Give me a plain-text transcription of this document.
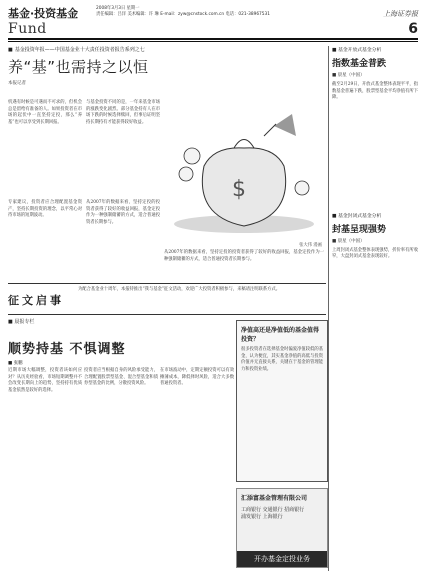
基金·投资基金
Fund
2008年3月3日 星期一
责任编辑：吕洋 美术编辑：许 琳 E-mail：zyw@cnstock.com.cn 电话：021-38967531	上海证券报
6
■ 基金投资年报——中国基金业十大责任投资者报告系列之七
养“基”也需持之以恒
本报记者
机遇有时候是可遇而不可求的，但机会总是留给有准备的人。如果投资者在市场的起伏中一直坚持定投，那么“养基”也可以享受到长期回报。
与基金投资不同的是，一年来基金市场的涨跌变化剧烈。部分基金持有人在市场下跌的时候选择赎回，但事后证明坚持长期持有才能获得较好收益。
专家建议，投资者应合理配置基金资产，坚持长期投资的理念，以平常心对待市场的短期波动。
从2007年的数据来看，坚持定投的投资者获得了较好的收益回报，基金定投作为一种强制储蓄的方式，适合普通投资者长期参与。
$
张大伟 漫画
从2007年的数据来看，坚持定投的投资者获得了较好的收益回报，基金定投作为一种强制储蓄的方式，适合普通投资者长期参与。
■ 基金开放式基金分析
指数基金普跌
■ 晨星（中国）
截至2月29日，开放式基金整体表现平平，指数基金普遍下跌，股票型基金平均净值有所下降。
■ 基金封闭式基金分析
封基呈现强势
■ 晨星（中国）
上周封闭式基金整体表现强势，折价率有所收窄，大盘封闭式基金表现较好。
征文启事
为配合基金业十周年，本报特推出“我与基金”征文活动，欢迎广大投资者积极参与，来稿请注明联系方式。
■ 晨报专栏
顺势持基 不惧调整
■ 张鹏
近期市场大幅调整，投资者该如何应对？从历史经验看，市场短期调整并不会改变长期向上的趋势，坚持持有优质基金依然是较好的选择。
投资者应当根据自身的风险承受能力，合理配置股票型基金、混合型基金和债券型基金的比例，分散投资风险。
在市场波动中，定期定额投资可以有效摊薄成本，降低择时风险，适合大多数普通投资者。
净值高还是净值低的基金值得投资？
很多投资者在选择基金时偏爱净值较低的基金，认为便宜，其实基金净值的高低与投资价值并无直接关系，关键在于基金的管理能力和投资业绩。
汇添富基金管理有限公司
工商银行 交通银行 招商银行
浦发银行 上海银行
开办基金定投业务
